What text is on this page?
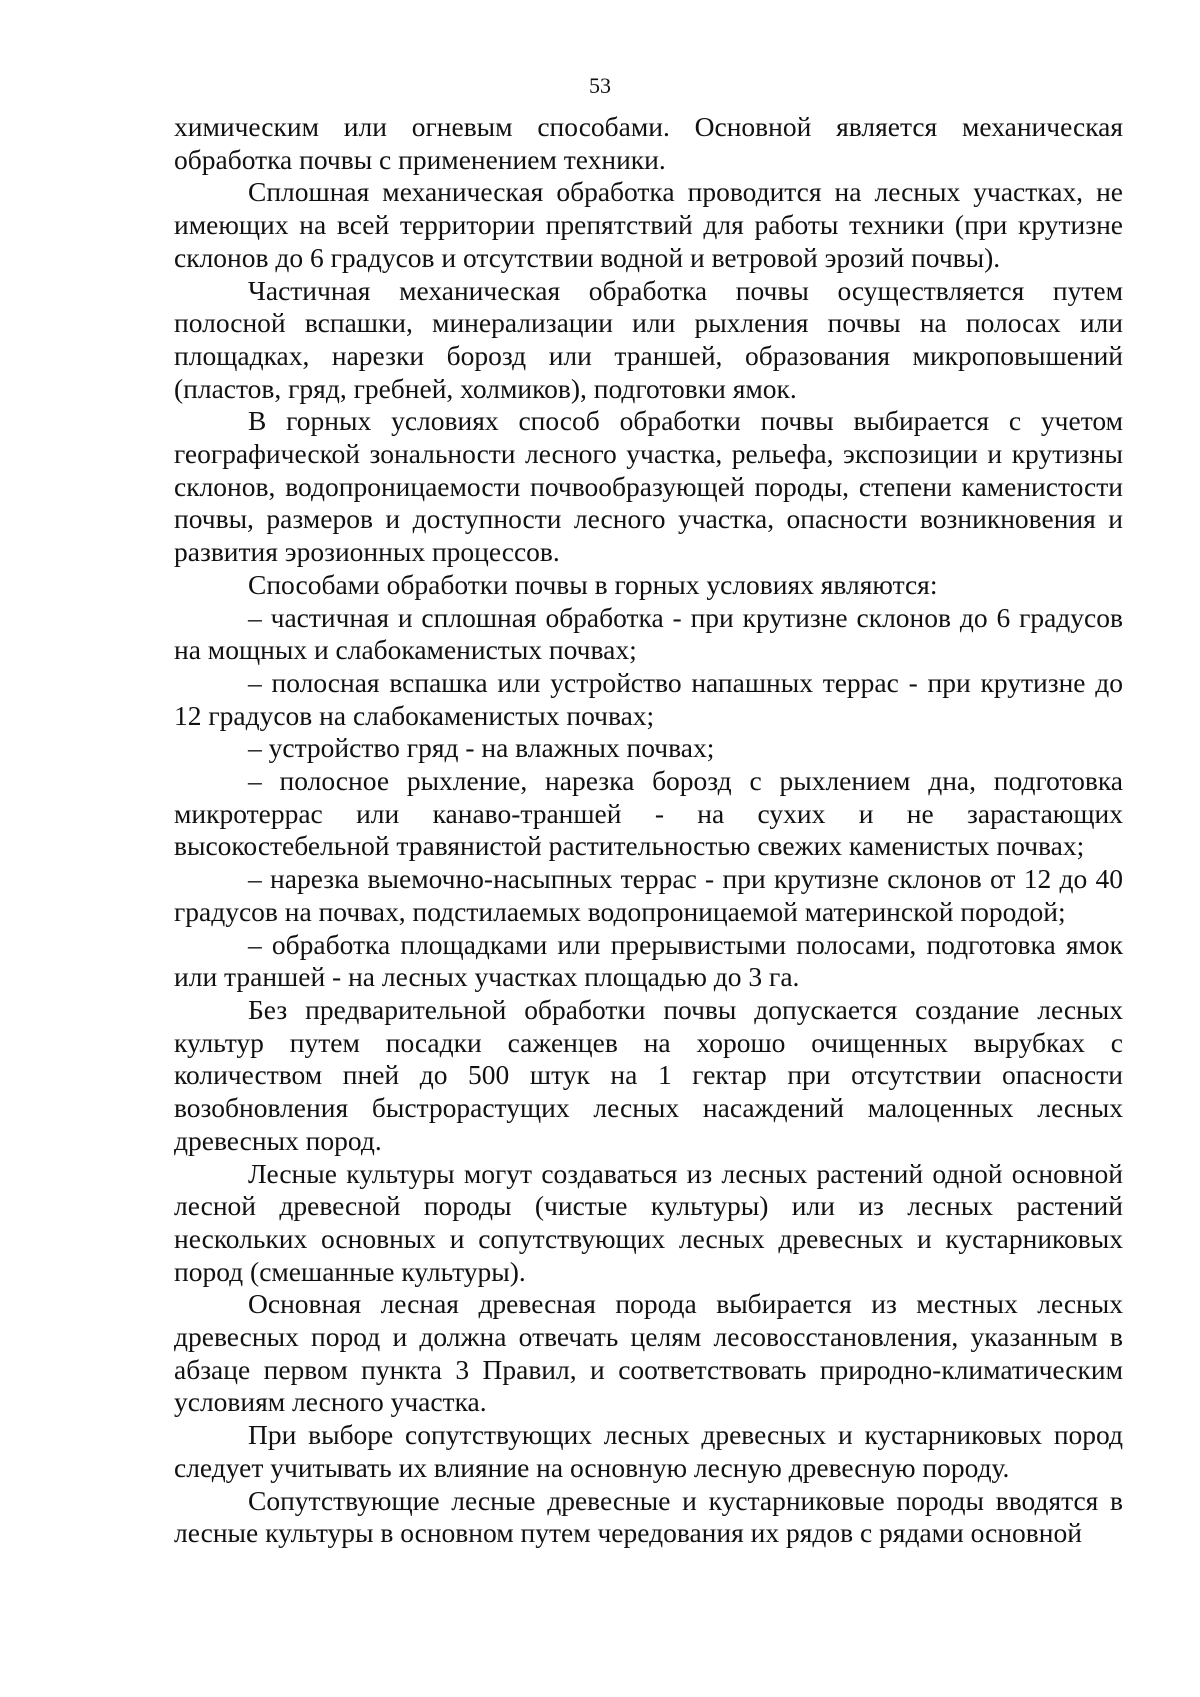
53

химическим или огневым способами. Основной является механическая обработка почвы с применением техники.

Сплошная механическая обработка проводится на лесных участках, не имеющих на всей территории препятствий для работы техники (при крутизне склонов до 6 градусов и отсутствии водной и ветровой эрозий почвы).

Частичная механическая обработка почвы осуществляется путем полосной вспашки, минерализации или рыхления почвы на полосах или площадках, нарезки борозд или траншей, образования микроповышений (пластов, гряд, гребней, холмиков), подготовки ямок.

В горных условиях способ обработки почвы выбирается с учетом географической зональности лесного участка, рельефа, экспозиции и крутизны склонов, водопроницаемости почвообразующей породы, степени каменистости почвы, размеров и доступности лесного участка, опасности возникновения и развития эрозионных процессов.

Способами обработки почвы в горных условиях являются:

– частичная и сплошная обработка - при крутизне склонов до 6 градусов на мощных и слабокаменистых почвах;

– полосная вспашка или устройство напашных террас - при крутизне до 12 градусов на слабокаменистых почвах;

– устройство гряд - на влажных почвах;

– полосное рыхление, нарезка борозд с рыхлением дна, подготовка микротеррас или канаво-траншей - на сухих и не зарастающих высокостебельной травянистой растительностью свежих каменистых почвах;

– нарезка выемочно-насыпных террас - при крутизне склонов от 12 до 40 градусов на почвах, подстилаемых водопроницаемой материнской породой;

– обработка площадками или прерывистыми полосами, подготовка ямок или траншей - на лесных участках площадью до 3 га.

Без предварительной обработки почвы допускается создание лесных культур путем посадки саженцев на хорошо очищенных вырубках с количеством пней до 500 штук на 1 гектар при отсутствии опасности возобновления быстрорастущих лесных насаждений малоценных лесных древесных пород.

Лесные культуры могут создаваться из лесных растений одной основной лесной древесной породы (чистые культуры) или из лесных растений нескольких основных и сопутствующих лесных древесных и кустарниковых пород (смешанные культуры).

Основная лесная древесная порода выбирается из местных лесных древесных пород и должна отвечать целям лесовосстановления, указанным в абзаце первом пункта 3 Правил, и соответствовать природно-климатическим условиям лесного участка.

При выборе сопутствующих лесных древесных и кустарниковых пород следует учитывать их влияние на основную лесную древесную породу.

Сопутствующие лесные древесные и кустарниковые породы вводятся в лесные культуры в основном путем чередования их рядов с рядами основной
